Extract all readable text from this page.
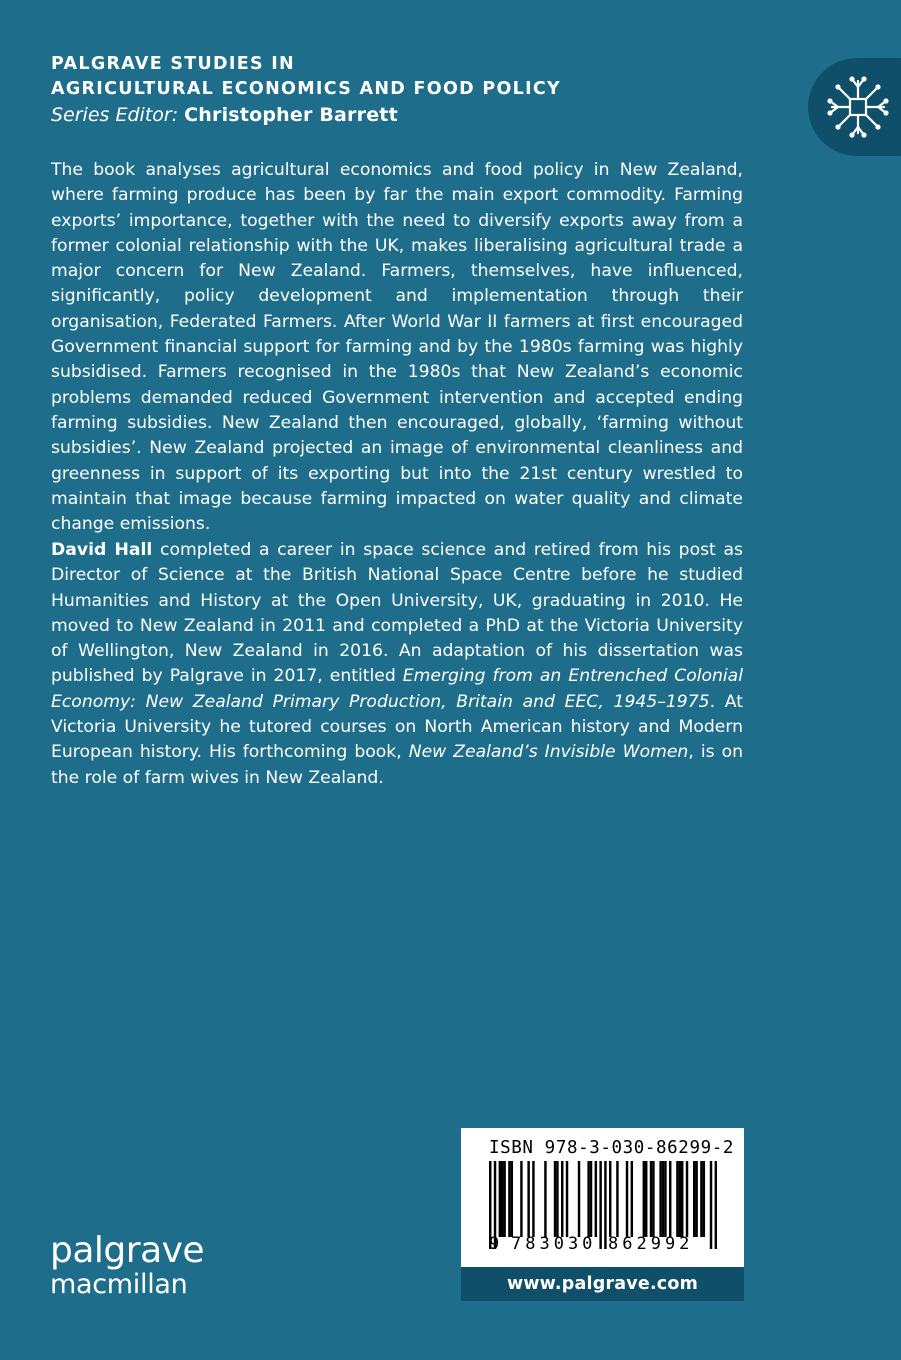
PALGRAVE STUDIES IN

AGRICULTURAL ECONOMICS AND FOOD POLICY

Series Editor: Christopher Barrett

The book analyses agricultural economics and food policy in New Zealand, where farming produce has been by far the main export commodity. Farming exports’ importance, together with the need to diversify exports away from a former colonial relationship with the UK, makes liberalising agricultural trade a major concern for New Zealand. Farmers, themselves, have influenced, significantly, policy development and implementation through their organisation, Federated Farmers. After World War II farmers at first encouraged Government financial support for farming and by the 1980s farming was highly subsidised. Farmers recognised in the 1980s that New Zealand’s economic problems demanded reduced Government intervention and accepted ending farming subsidies. New Zealand then encouraged, globally, ‘farming without subsidies’. New Zealand projected an image of environmental cleanliness and greenness in support of its exporting but into the 21st century wrestled to maintain that image because farming impacted on water quality and climate change emissions.

David Hall completed a career in space science and retired from his post as Director of Science at the British National Space Centre before he studied Humanities and History at the Open University, UK, graduating in 2010. He moved to New Zealand in 2011 and completed a PhD at the Victoria University of Wellington, New Zealand in 2016. An adaptation of his dissertation was published by Palgrave in 2017, entitled Emerging from an Entrenched Colonial Economy: New Zealand Primary Production, Britain and EEC, 1945–1975. At Victoria University he tutored courses on North American history and Modern European history. His forthcoming book, New Zealand’s Invisible Women, is on the role of farm wives in New Zealand.

palgrave
macmillan
ISBN 978-3-030-86299-2
9 783030 862992
www.palgrave.com
